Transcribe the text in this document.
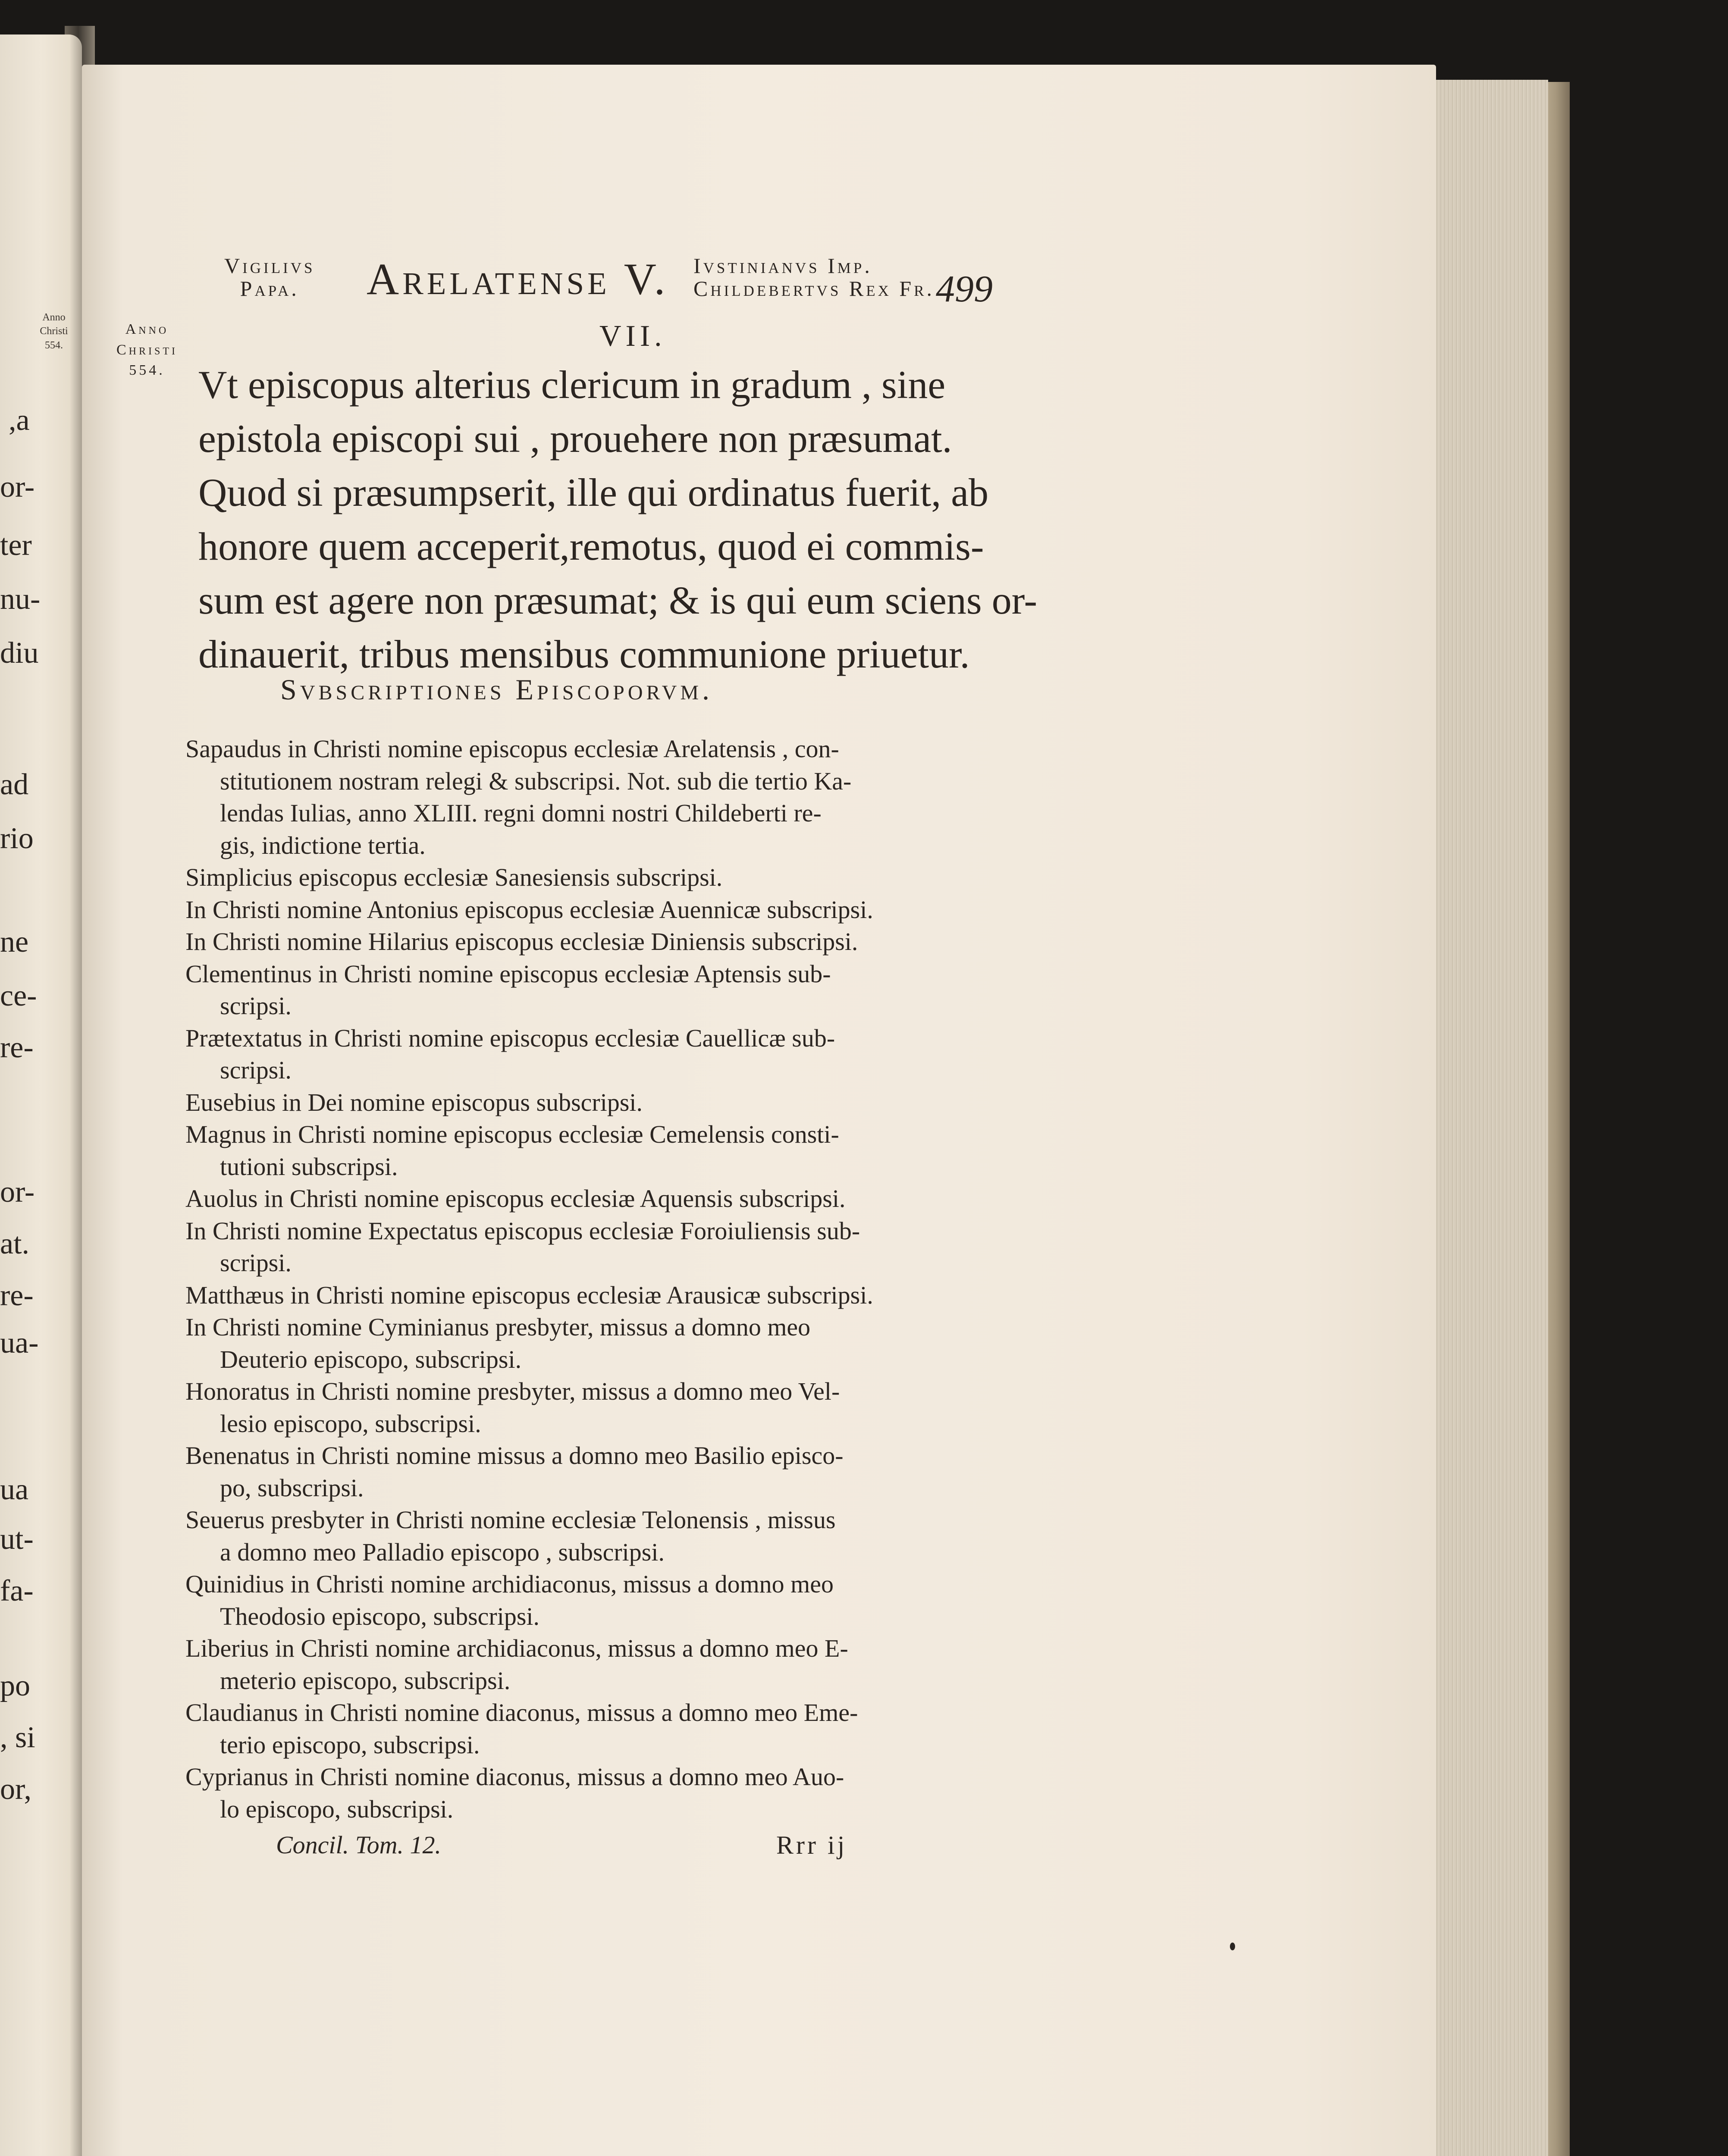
Anno
Christi
554.
,a
or-
ter
nu-
diu
ad
rio
ne
ce-
re-
or-
at.
re-
ua-
ua
ut-
fa-
po
, si
or,
Vigilivs
Papa.	Arelatense V. Ivstinianvs Imp.
Childebertvs Rex Fr. 499
Anno
Christi
554.
VII.
Vt episcopus alterius clericum in gradum , sine
epistola episcopi sui , prouehere non præsumat.
Quod si præsumpserit, ille qui ordinatus fuerit, ab
honore quem acceperit,remotus, quod ei commis-
sum est agere non præsumat; & is qui eum sciens or-
dinauerit, tribus mensibus communione priuetur.
Svbscriptiones Episcoporvm.
Sapaudus in Christi nomine episcopus ecclesiæ Arelatensis , con-
stitutionem nostram relegi & subscripsi. Not. sub die tertio Ka-
lendas Iulias, anno XLIII. regni domni nostri Childeberti re-
gis, indictione tertia.
Simplicius episcopus ecclesiæ Sanesiensis subscripsi.
In Christi nomine Antonius episcopus ecclesiæ Auennicæ subscripsi.
In Christi nomine Hilarius episcopus ecclesiæ Diniensis subscripsi.
Clementinus in Christi nomine episcopus ecclesiæ Aptensis sub-
scripsi.
Prætextatus in Christi nomine episcopus ecclesiæ Cauellicæ sub-
scripsi.
Eusebius in Dei nomine episcopus subscripsi.
Magnus in Christi nomine episcopus ecclesiæ Cemelensis consti-
tutioni subscripsi.
Auolus in Christi nomine episcopus ecclesiæ Aquensis subscripsi.
In Christi nomine Expectatus episcopus ecclesiæ Foroiuliensis sub-
scripsi.
Matthæus in Christi nomine episcopus ecclesiæ Arausicæ subscripsi.
In Christi nomine Cyminianus presbyter, missus a domno meo
Deuterio episcopo, subscripsi.
Honoratus in Christi nomine presbyter, missus a domno meo Vel-
lesio episcopo, subscripsi.
Benenatus in Christi nomine missus a domno meo Basilio episco-
po, subscripsi.
Seuerus presbyter in Christi nomine ecclesiæ Telonensis , missus
a domno meo Palladio episcopo , subscripsi.
Quinidius in Christi nomine archidiaconus, missus a domno meo
Theodosio episcopo, subscripsi.
Liberius in Christi nomine archidiaconus, missus a domno meo E-
meterio episcopo, subscripsi.
Claudianus in Christi nomine diaconus, missus a domno meo Eme-
terio episcopo, subscripsi.
Cyprianus in Christi nomine diaconus, missus a domno meo Auo-
lo episcopo, subscripsi.
Concil. Tom. 12.	Rrr ij
